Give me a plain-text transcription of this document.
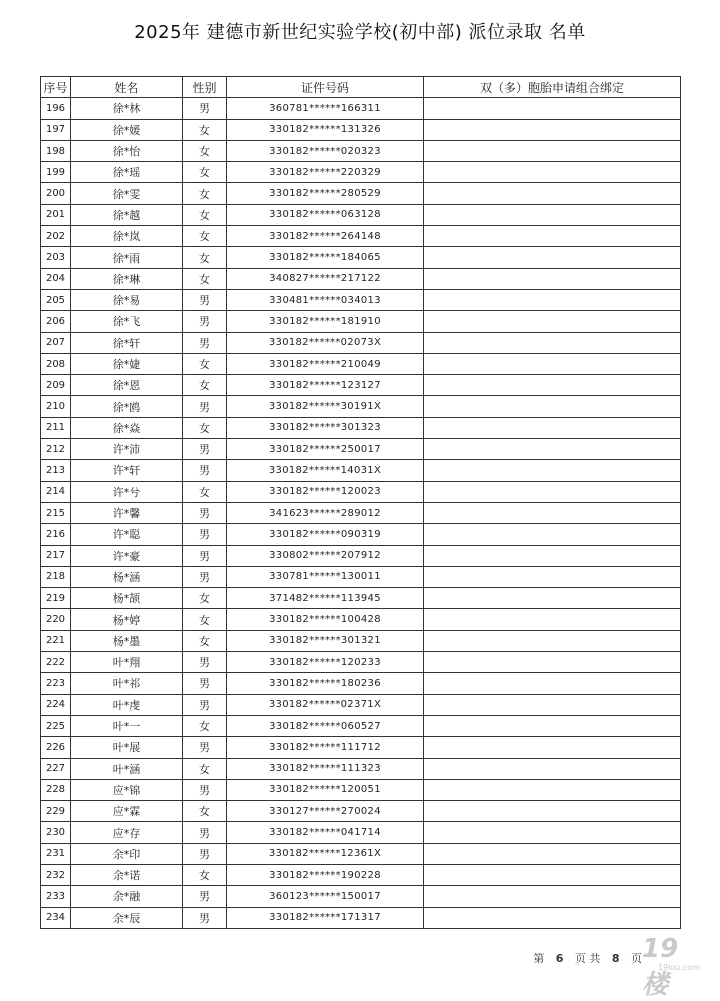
2025年 建德市新世纪实验学校(初中部) 派位录取 名单
序号	姓名	性别	证件号码	双（多）胞胎申请组合绑定
196	徐*林	男	360781******166311	
197	徐*媛	女	330182******131326	
198	徐*怡	女	330182******020323	
199	徐*瑶	女	330182******220329	
200	徐*雯	女	330182******280529	
201	徐*越	女	330182******063128	
202	徐*岚	女	330182******264148	
203	徐*雨	女	330182******184065	
204	徐*琳	女	340827******217122	
205	徐*易	男	330481******034013	
206	徐*飞	男	330182******181910	
207	徐*轩	男	330182******02073X	
208	徐*婕	女	330182******210049	
209	徐*恩	女	330182******123127	
210	徐*鸥	男	330182******30191X	
211	徐*焱	女	330182******301323	
212	许*沛	男	330182******250017	
213	许*轩	男	330182******14031X	
214	许*兮	女	330182******120023	
215	许*馨	男	341623******289012	
216	许*聪	男	330182******090319	
217	许*豪	男	330802******207912	
218	杨*涵	男	330781******130011	
219	杨*颉	女	371482******113945	
220	杨*婷	女	330182******100428	
221	杨*墨	女	330182******301321	
222	叶*翔	男	330182******120233	
223	叶*祁	男	330182******180236	
224	叶*虔	男	330182******02371X	
225	叶*一	女	330182******060527	
226	叶*展	男	330182******111712	
227	叶*涵	女	330182******111323	
228	应*锦	男	330182******120051	
229	应*霖	女	330127******270024	
230	应*存	男	330182******041714	
231	余*印	男	330182******12361X	
232	余*诺	女	330182******190228	
233	余*融	男	360123******150017	
234	余*辰	男	330182******171317	
第 6 页 共 8 页 19楼
19lou.com
